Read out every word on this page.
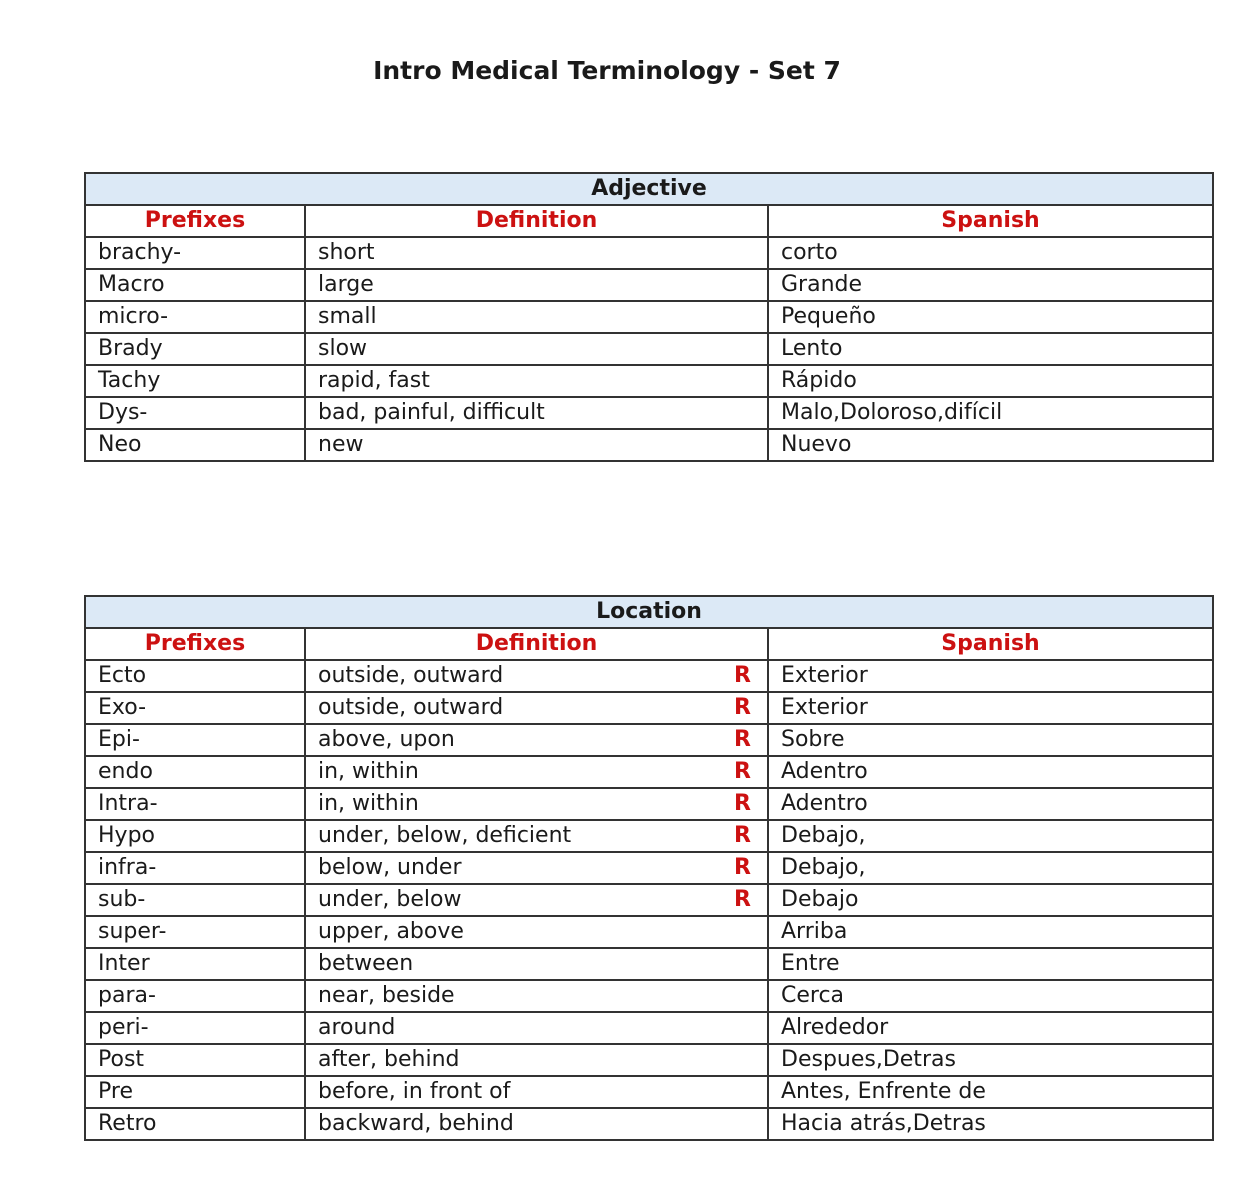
Intro Medical Terminology - Set 7
Adjective		
Prefixes	Definition	Spanish
brachy-	short	corto
Macro	large	Grande
micro-	small	Pequeño
Brady	slow	Lento
Tachy	rapid, fast	Rápido
Dys-	bad, painful, difficult	Malo,Doloroso,difícil
Neo	new	Nuevo
Location		
Prefixes	Definition	Spanish
Ecto	outside, outward R	Exterior
Exo-	outside, outward R	Exterior
Epi-	above, upon R	Sobre
endo	in, within R	Adentro
Intra-	in, within R	Adentro
Hypo	under, below, deficient R	Debajo,
infra-	below, under R	Debajo,
sub-	under, below R	Debajo
super-	upper, above	Arriba
Inter	between	Entre
para-	near, beside	Cerca
peri-	around	Alrededor
Post	after, behind	Despues,Detras
Pre	before, in front of	Antes, Enfrente de
Retro	backward, behind	Hacia atrás,Detras
